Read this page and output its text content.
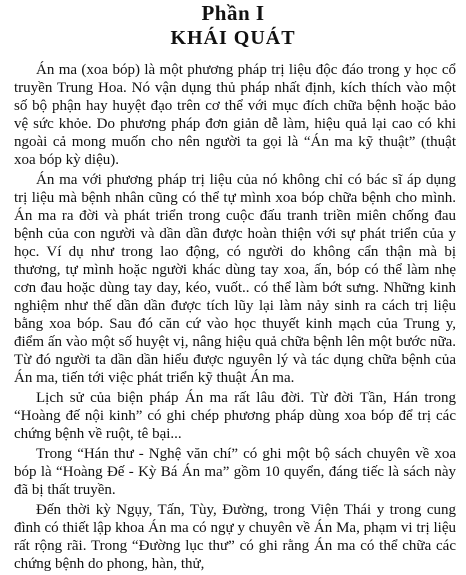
Phần I
KHÁI QUÁT

Án ma (xoa bóp) là một phương pháp trị liệu độc đáo trong y học cổ truyền Trung Hoa. Nó vận dụng thủ pháp nhất định, kích thích vào một số bộ phận hay huyệt đạo trên cơ thể với mục đích chữa bệnh hoặc bảo vệ sức khỏe. Do phương pháp đơn giản dễ làm, hiệu quả lại cao có khi ngoài cả mong muốn cho nên người ta gọi là “Án ma kỹ thuật” (thuật xoa bóp kỳ diệu).

Án ma với phương pháp trị liệu của nó không chỉ có bác sĩ áp dụng trị liệu mà bệnh nhân cũng có thể tự mình xoa bóp chữa bệnh cho mình. Án ma ra đời và phát triển trong cuộc đấu tranh triền miên chống đau bệnh của con người và dần dần được hoàn thiện với sự phát triển của y học. Ví dụ như trong lao động, có người do không cẩn thận mà bị thương, tự mình hoặc người khác dùng tay xoa, ấn, bóp có thể làm nhẹ cơn đau hoặc dùng tay day, kéo, vuốt.. có thể làm bớt sưng. Những kinh nghiệm như thế dần dần được tích lũy lại làm nảy sinh ra cách trị liệu bằng xoa bóp. Sau đó căn cứ vào học thuyết kinh mạch của Trung y, điểm ấn vào một số huyệt vị, nâng hiệu quả chữa bệnh lên một bước nữa. Từ đó người ta dần dần hiểu được nguyên lý và tác dụng chữa bệnh của Án ma, tiến tới việc phát triển kỹ thuật Án ma.

Lịch sử của biện pháp Án ma rất lâu đời. Từ đời Tần, Hán trong “Hoàng đế nội kinh” có ghi chép phương pháp dùng xoa bóp để trị các chứng bệnh về ruột, tê bại...

Trong “Hán thư - Nghệ văn chí” có ghi một bộ sách chuyên về xoa bóp là “Hoàng Đế - Kỳ Bá Án ma” gồm 10 quyển, đáng tiếc là sách này đã bị thất truyền.

Đến thời kỳ Ngụy, Tấn, Tùy, Đường, trong Viện Thái y trong cung đình có thiết lập khoa Án ma có ngự y chuyên về Án Ma, phạm vi trị liệu rất rộng rãi. Trong “Đường lục thư” có ghi rằng Án ma có thể chữa các chứng bệnh do phong, hàn, thử,
